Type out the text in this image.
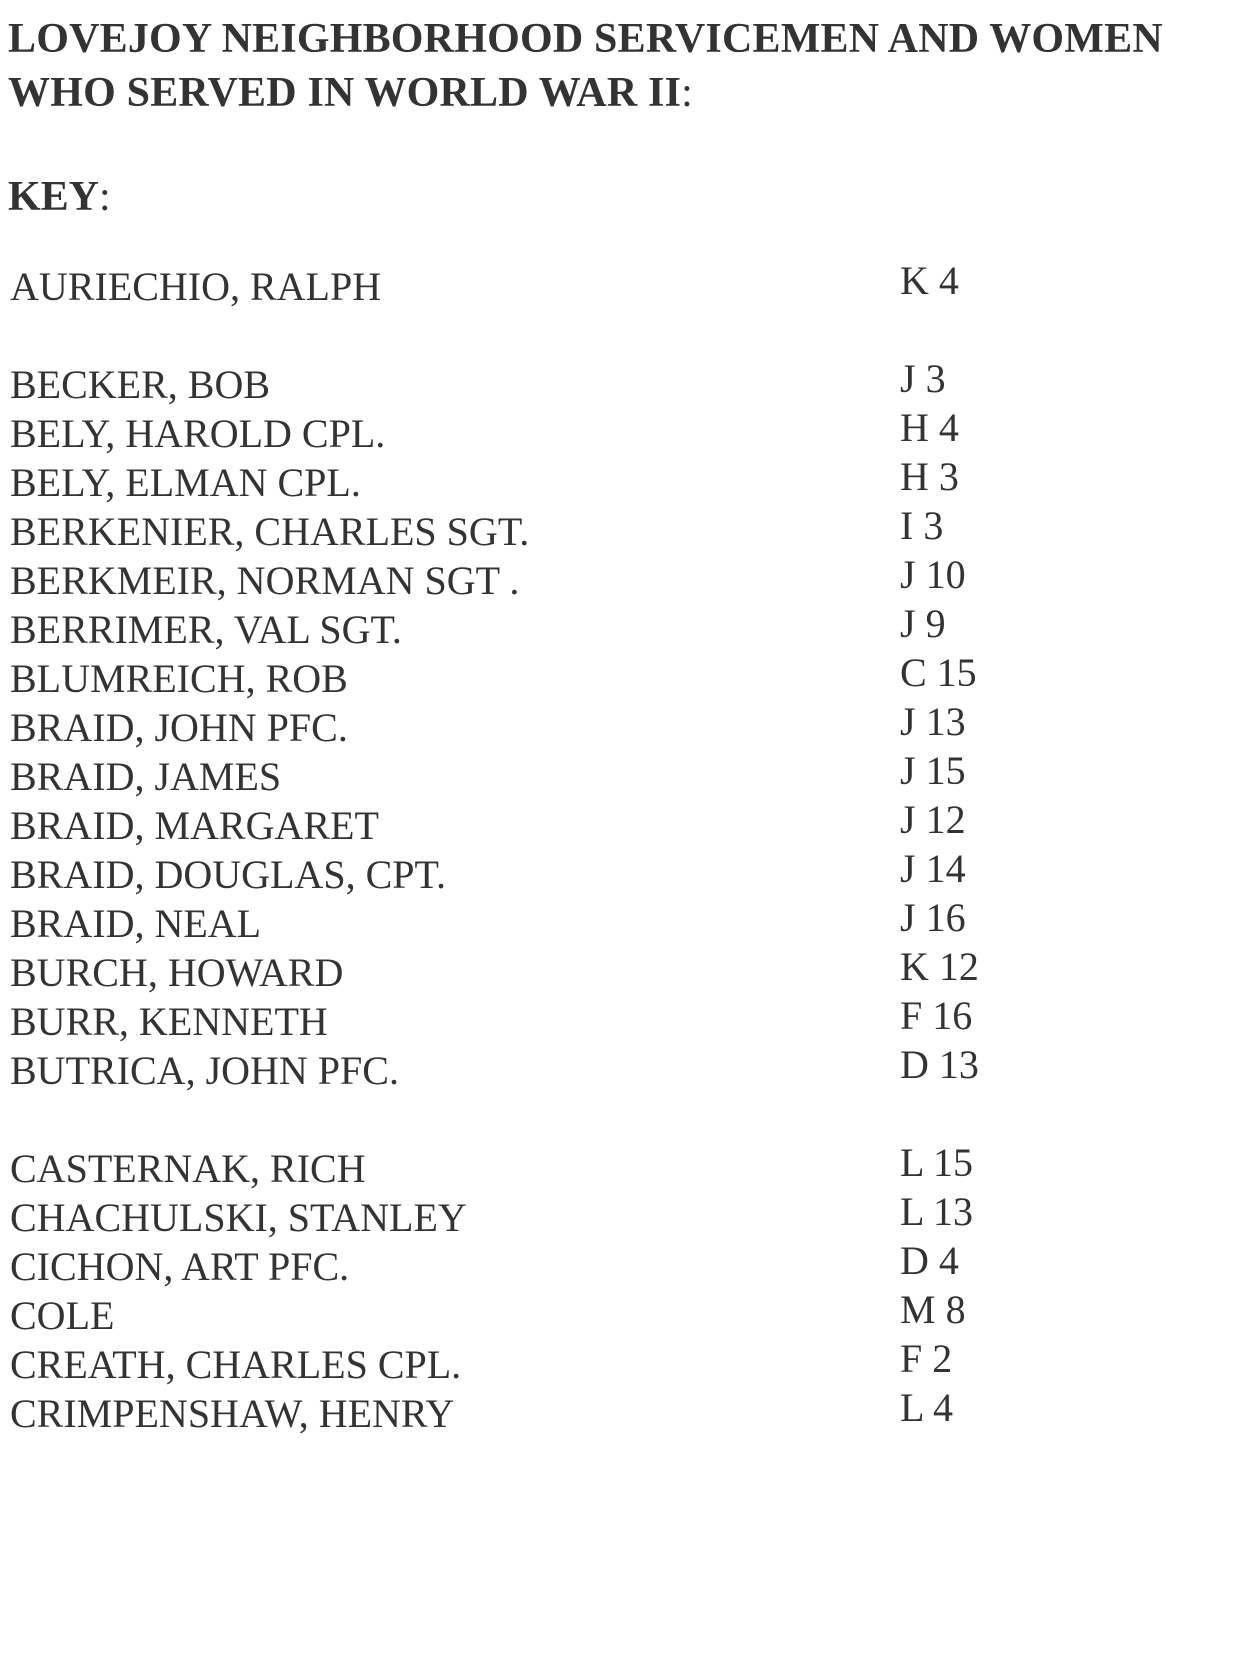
LOVEJOY NEIGHBORHOOD SERVICEMEN AND WOMEN
WHO SERVED IN WORLD WAR II:
KEY:
AURIECHIO, RALPH	K 4
BECKER, BOB	J 3
BELY, HAROLD CPL.	H 4
BELY, ELMAN CPL.	H 3
BERKENIER, CHARLES SGT.	I 3
BERKMEIR, NORMAN SGT .	J 10
BERRIMER, VAL SGT.	J 9
BLUMREICH, ROB	C 15
BRAID, JOHN PFC.	J 13
BRAID, JAMES	J 15
BRAID, MARGARET	J 12
BRAID, DOUGLAS, CPT.	J 14
BRAID, NEAL	J 16
BURCH, HOWARD	K 12
BURR, KENNETH	F 16
BUTRICA, JOHN PFC.	D 13
CASTERNAK, RICH	L 15
CHACHULSKI, STANLEY	L 13
CICHON, ART PFC.	D 4
COLE	M 8
CREATH, CHARLES CPL.	F 2
CRIMPENSHAW, HENRY	L 4
